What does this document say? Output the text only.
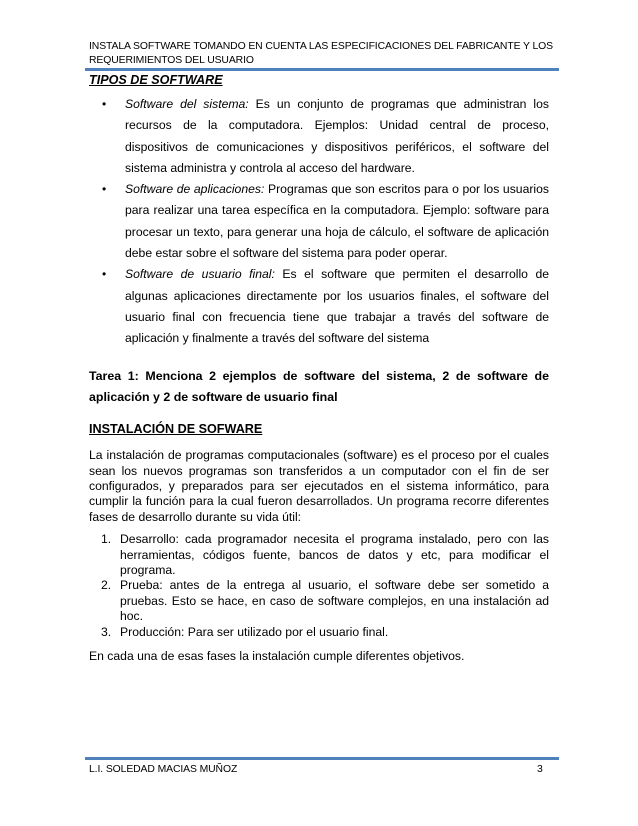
INSTALA SOFTWARE TOMANDO EN CUENTA LAS ESPECIFICACIONES DEL FABRICANTE Y LOS REQUERIMIENTOS DEL USUARIO
TIPOS DE SOFTWARE
• Software del sistema: Es un conjunto de programas que administran los recursos de la computadora. Ejemplos: Unidad central de proceso, dispositivos de comunicaciones y dispositivos periféricos, el software del sistema administra y controla al acceso del hardware.
• Software de aplicaciones: Programas que son escritos para o por los usuarios para realizar una tarea específica en la computadora. Ejemplo: software para procesar un texto, para generar una hoja de cálculo, el software de aplicación debe estar sobre el software del sistema para poder operar.
• Software de usuario final: Es el software que permiten el desarrollo de algunas aplicaciones directamente por los usuarios finales, el software del usuario final con frecuencia tiene que trabajar a través del software de aplicación y finalmente a través del software del sistema

Tarea 1: Menciona 2 ejemplos de software del sistema, 2 de software de aplicación y 2 de software de usuario final

INSTALACIÓN DE SOFWARE

La instalación de programas computacionales (software) es el proceso por el cuales sean los nuevos programas son transferidos a un computador con el fin de ser configurados, y preparados para ser ejecutados en el sistema informático, para cumplir la función para la cual fueron desarrollados. Un programa recorre diferentes fases de desarrollo durante su vida útil:

1. Desarrollo: cada programador necesita el programa instalado, pero con las herramientas, códigos fuente, bancos de datos y etc, para modificar el programa.
2. Prueba: antes de la entrega al usuario, el software debe ser sometido a pruebas. Esto se hace, en caso de software complejos, en una instalación ad hoc.
3. Producción: Para ser utilizado por el usuario final.

En cada una de esas fases la instalación cumple diferentes objetivos.

L.I. SOLEDAD MACIAS MUÑOZ	3
